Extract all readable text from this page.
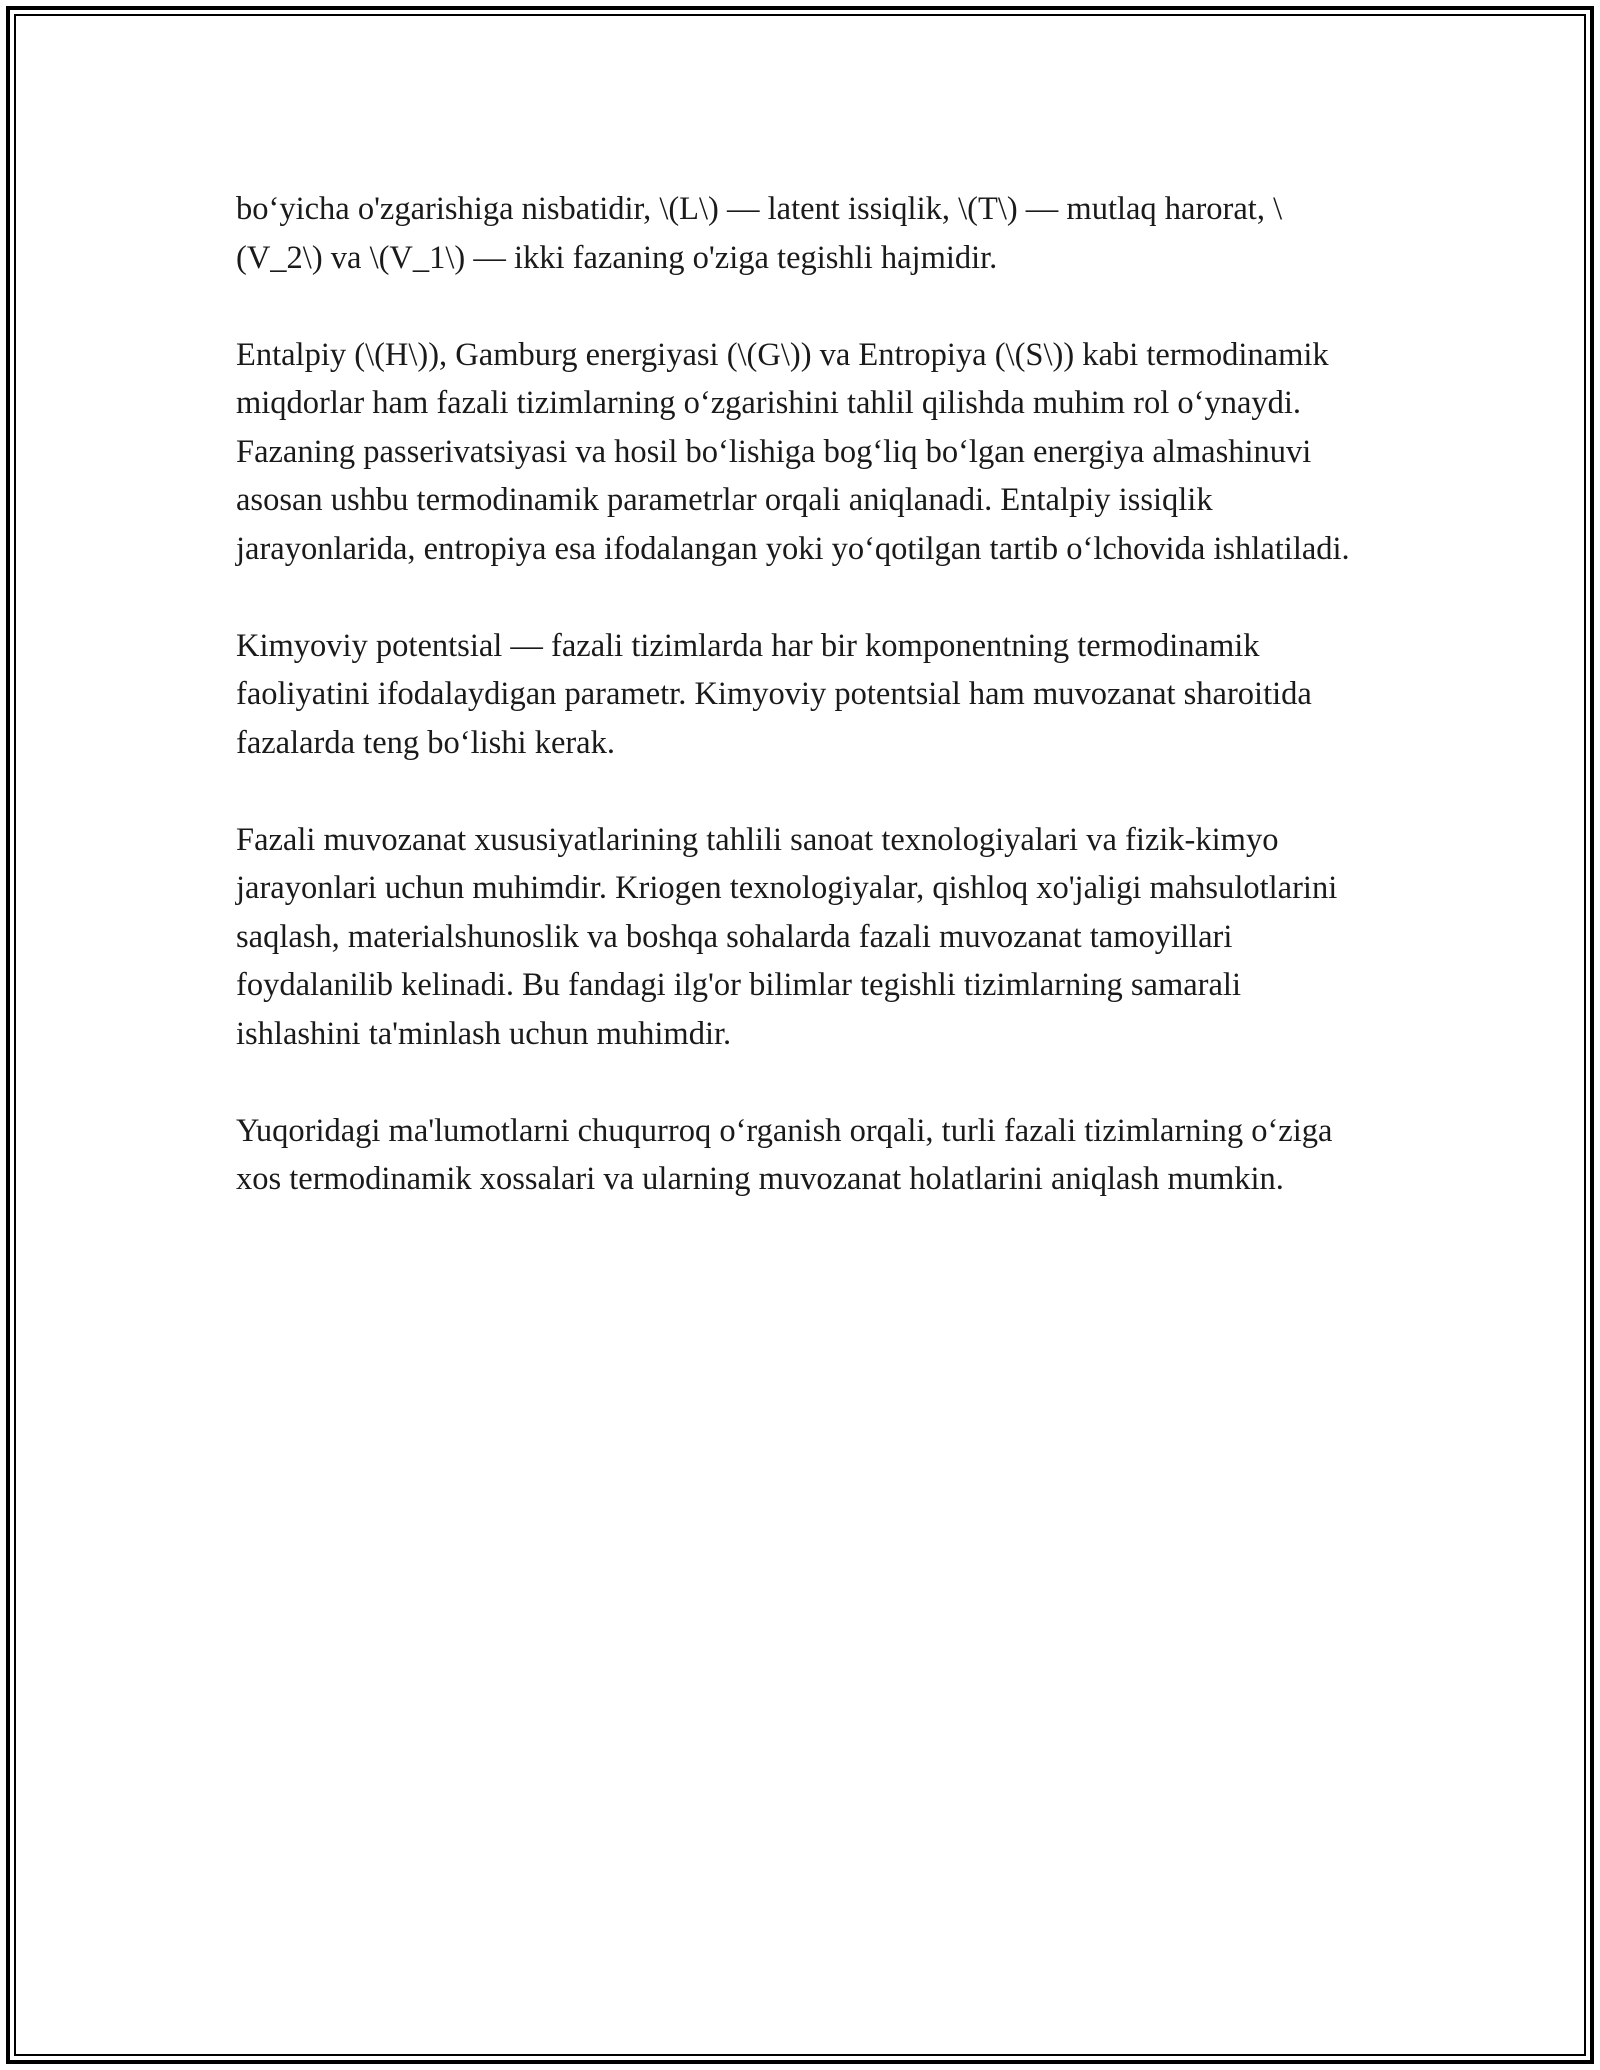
bo‘yicha o'zgarishiga nisbatidir, \(L\) — latent issiqlik, \(T\) — mutlaq harorat, \(V_2\) va \(V_1\) — ikki fazaning o'ziga tegishli hajmidir.

Entalpiy (\(H\)), Gamburg energiyasi (\(G\)) va Entropiya (\(S\)) kabi termodinamik miqdorlar ham fazali tizimlarning o‘zgarishini tahlil qilishda muhim rol o‘ynaydi. Fazaning passerivatsiyasi va hosil bo‘lishiga bog‘liq bo‘lgan energiya almashinuvi asosan ushbu termodinamik parametrlar orqali aniqlanadi. Entalpiy issiqlik jarayonlarida, entropiya esa ifodalangan yoki yo‘qotilgan tartib o‘lchovida ishlatiladi.

Kimyoviy potentsial — fazali tizimlarda har bir komponentning termodinamik faoliyatini ifodalaydigan parametr. Kimyoviy potentsial ham muvozanat sharoitida fazalarda teng bo‘lishi kerak.

Fazali muvozanat xususiyatlarining tahlili sanoat texnologiyalari va fizik-kimyo jarayonlari uchun muhimdir. Kriogen texnologiyalar, qishloq xo'jaligi mahsulotlarini saqlash, materialshunoslik va boshqa sohalarda fazali muvozanat tamoyillari foydalanilib kelinadi. Bu fandagi ilg'or bilimlar tegishli tizimlarning samarali ishlashini ta'minlash uchun muhimdir.

Yuqoridagi ma'lumotlarni chuqurroq o‘rganish orqali, turli fazali tizimlarning o‘ziga xos termodinamik xossalari va ularning muvozanat holatlarini aniqlash mumkin.
